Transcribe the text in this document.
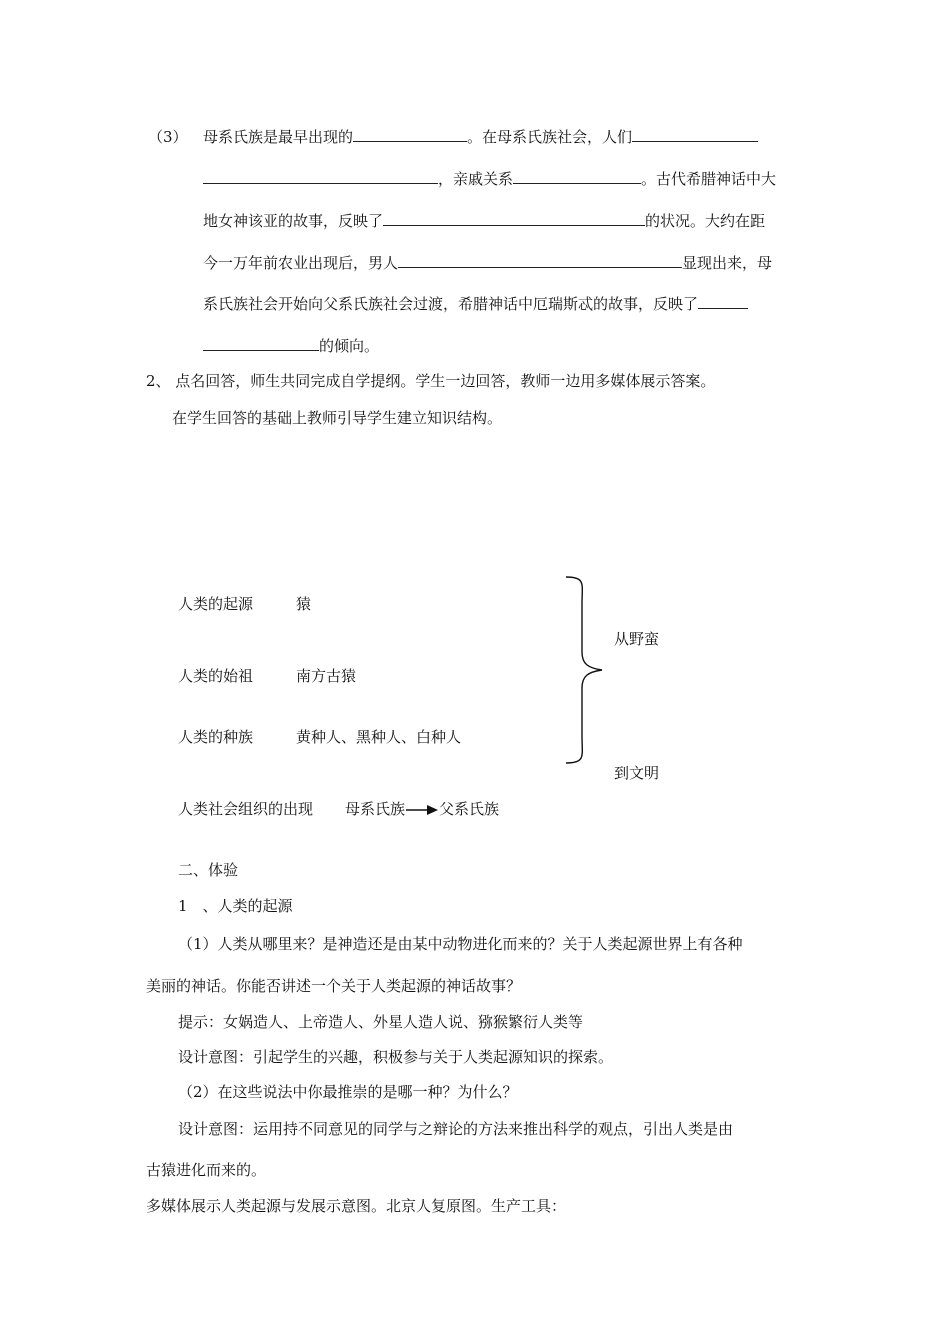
（3） 母系氏族是最早出现的	。在母系氏族社会，人们
，亲戚关系	。古代希腊神话中大
地女神该亚的故事，反映了	的状况。大约在距
今一万年前农业出现后，男人	显现出来，母
系氏族社会开始向父系氏族社会过渡，希腊神话中厄瑞斯忒的故事，反映了
的倾向。
2、 点名回答，师生共同完成自学提纲。学生一边回答，教师一边用多媒体展示答案。
在学生回答的基础上教师引导学生建立知识结构。
人类的起源	猿
人类的始祖	南方古猿
人类的种族	黄种人、黑种人、白种人
从野蛮
到文明
人类社会组织的出现 母系氏族 父系氏族
二、体验
1　、人类的起源
（1）人类从哪里来？是神造还是由某中动物进化而来的？关于人类起源世界上有各种
美丽的神话。你能否讲述一个关于人类起源的神话故事？
提示：女娲造人、上帝造人、外星人造人说、猕猴繁衍人类等
设计意图：引起学生的兴趣，积极参与关于人类起源知识的探索。
（2）在这些说法中你最推崇的是哪一种？为什么？
设计意图：运用持不同意见的同学与之辩论的方法来推出科学的观点，引出人类是由
古猿进化而来的。
多媒体展示人类起源与发展示意图。北京人复原图。生产工具：
